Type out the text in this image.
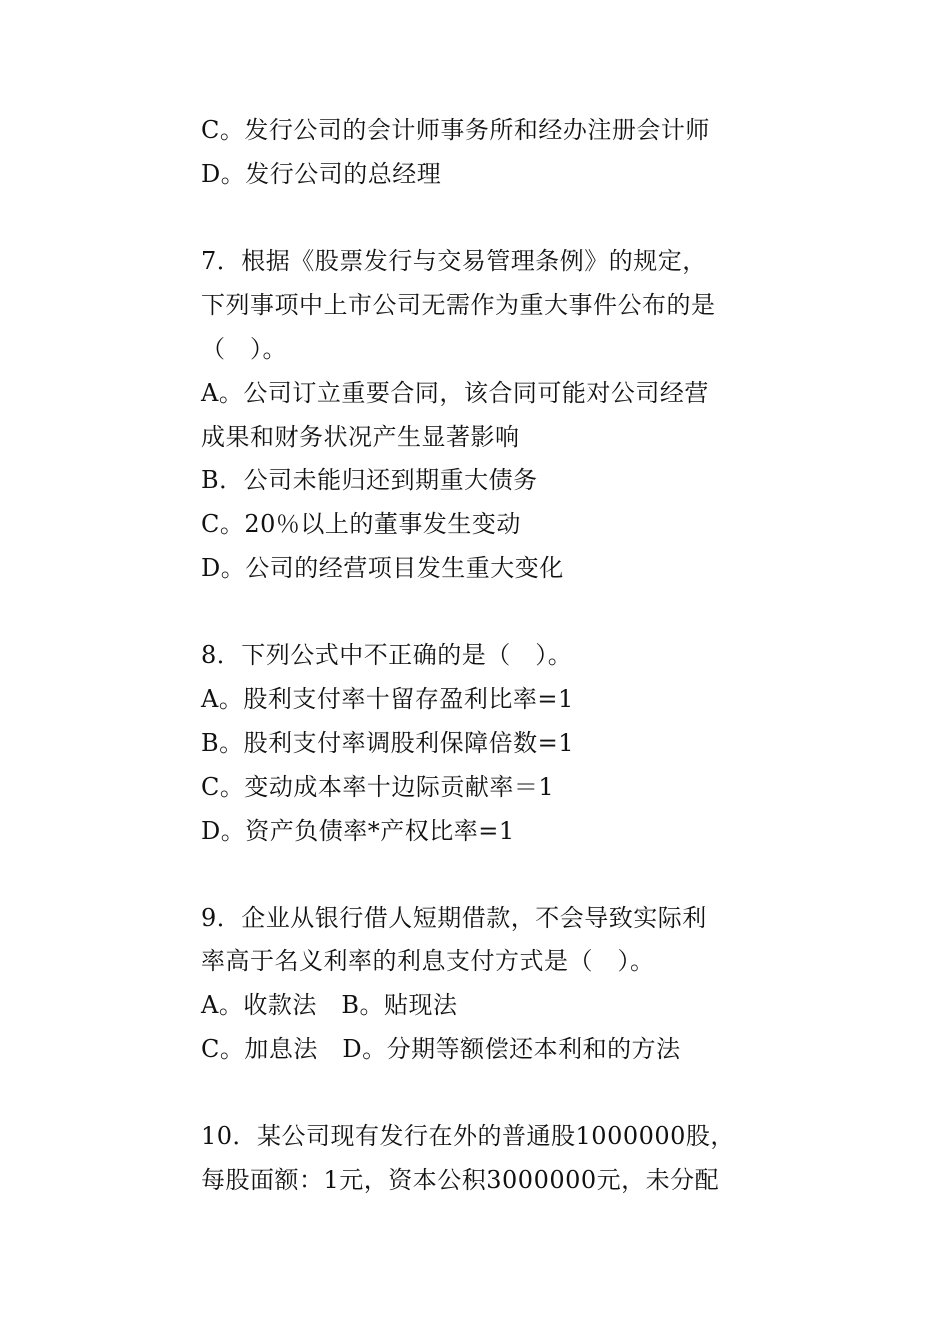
C。发行公司的会计师事务所和经办注册会计师
D。发行公司的总经理
7．根据《股票发行与交易管理条例》的规定，
下列事项中上市公司无需作为重大事件公布的是
（　）。
A。公司订立重要合同，该合同可能对公司经营
成果和财务状况产生显著影响
B．公司未能归还到期重大债务
C。20％以上的董事发生变动
D。公司的经营项目发生重大变化
8．下列公式中不正确的是（　）。
A。股利支付率十留存盈利比率=1
B。股利支付率调股利保障倍数=1
C。变动成本率十边际贡献率＝1
D。资产负债率*产权比率=1
9．企业从银行借人短期借款，不会导致实际利
率高于名义利率的利息支付方式是（　）。
A。收款法　B。贴现法
C。加息法　D。分期等额偿还本利和的方法
10．某公司现有发行在外的普通股1000000股，
每股面额：1元，资本公积3000000元，未分配
